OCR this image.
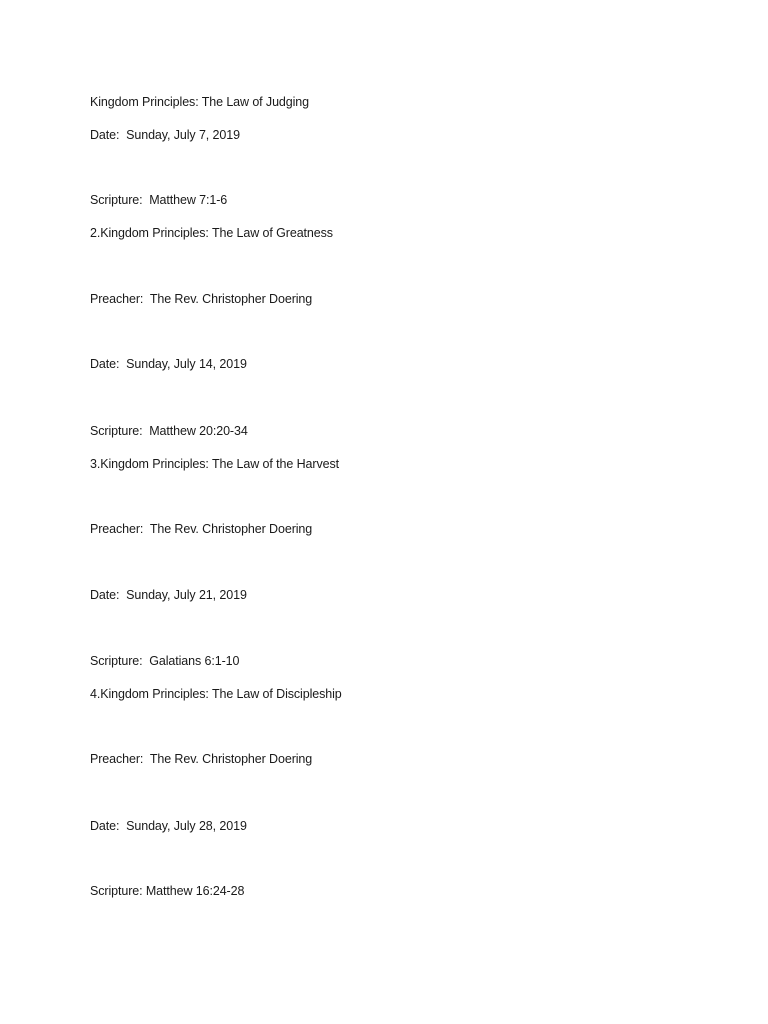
Kingdom Principles: The Law of Judging
Date:  Sunday, July 7, 2019
Scripture:  Matthew 7:1-6
2.Kingdom Principles: The Law of Greatness
Preacher:  The Rev. Christopher Doering
Date:  Sunday, July 14, 2019
Scripture:  Matthew 20:20-34
3.Kingdom Principles: The Law of the Harvest
Preacher:  The Rev. Christopher Doering
Date:  Sunday, July 21, 2019
Scripture:  Galatians 6:1-10
4.Kingdom Principles: The Law of Discipleship
Preacher:  The Rev. Christopher Doering
Date:  Sunday, July 28, 2019
Scripture: Matthew 16:24-28
